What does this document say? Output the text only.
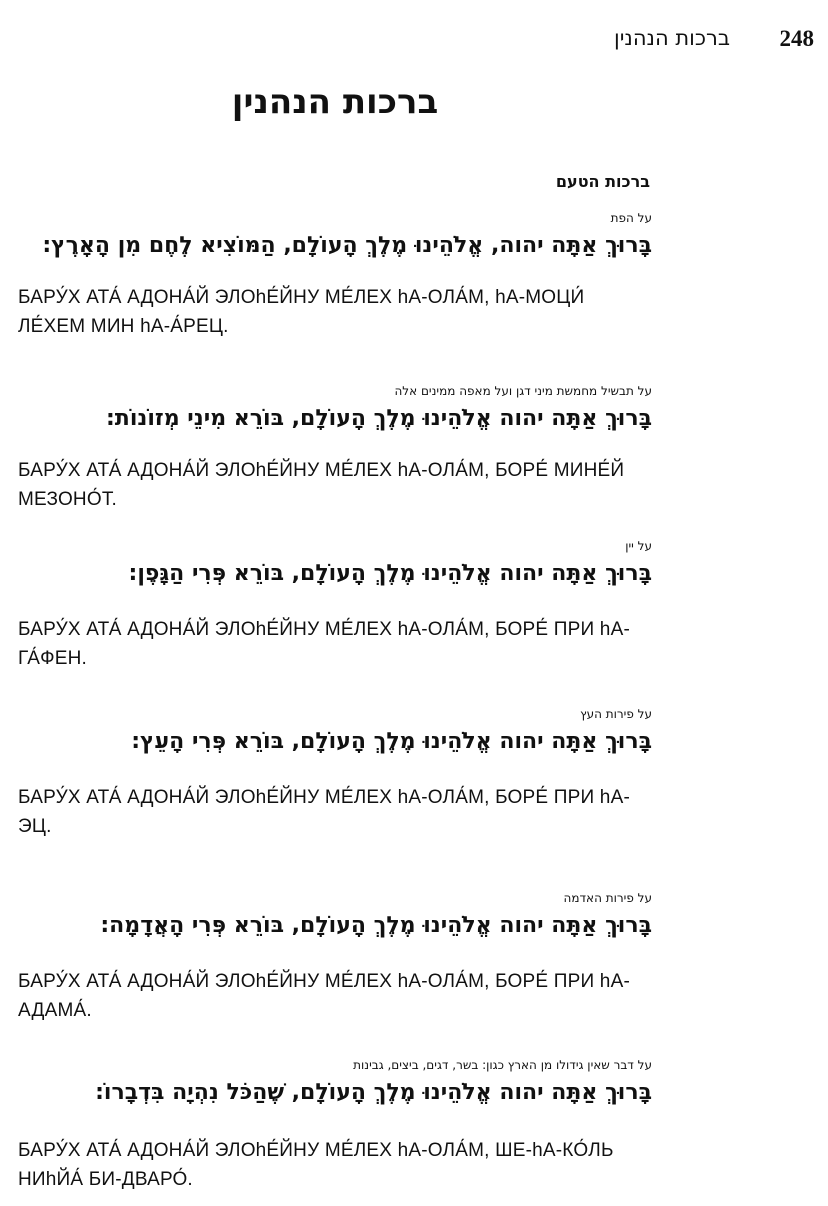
ברכות הנהנין 248
ברכות הנהנין
ברכות הטעם
על הפת
בָּרוּךְ אַתָּה יהוה, אֱלֹהֵינוּ מֶלֶךְ הָעוֹלָם, הַמּוֹצִיא לֶחֶם מִן הָאָרֶץ:
БАРУ́Х АТА́ АДОНА́Й ЭЛОhЕ́ЙНУ МЕ́ЛЕХ hА-ОЛА́М, hА-МОЦИ́ ЛЕ́ХЕМ МИН hА-А́РЕЦ.
על תבשיל מחמשת מיני דגן ועל מאפה ממינים אלה
בָּרוּךְ אַתָּה יהוה אֱלֹהֵינוּ מֶלֶךְ הָעוֹלָם, בּוֹרֵא מִינֵי מְזוֹנוֹת:
БАРУ́Х АТА́ АДОНА́Й ЭЛОhЕ́ЙНУ МЕ́ЛЕХ hА-ОЛА́М, БОРЕ́ МИНЕ́Й МЕЗОНО́Т.
על יין
בָּרוּךְ אַתָּה יהוה אֱלֹהֵינוּ מֶלֶךְ הָעוֹלָם, בּוֹרֵא פְּרִי הַגָּפֶן:
БАРУ́Х АТА́ АДОНА́Й ЭЛОhЕ́ЙНУ МЕ́ЛЕХ hА-ОЛА́М, БОРЕ́ ПРИ hА-ГА́ФЕН.
על פירות העץ
בָּרוּךְ אַתָּה יהוה אֱלֹהֵינוּ מֶלֶךְ הָעוֹלָם, בּוֹרֵא פְּרִי הָעֵץ:
БАРУ́Х АТА́ АДОНА́Й ЭЛОhЕ́ЙНУ МЕ́ЛЕХ hА-ОЛА́М, БОРЕ́ ПРИ hА-ЭЦ.
על פירות האדמה
בָּרוּךְ אַתָּה יהוה אֱלֹהֵינוּ מֶלֶךְ הָעוֹלָם, בּוֹרֵא פְּרִי הָאֲדָמָה:
БАРУ́Х АТА́ АДОНА́Й ЭЛОhЕ́ЙНУ МЕ́ЛЕХ hА-ОЛА́М, БОРЕ́ ПРИ hА-АДАМА́.
על דבר שאין גידולו מן הארץ כגון: בשר, דגים, ביצים, גבינות
בָּרוּךְ אַתָּה יהוה אֱלֹהֵינוּ מֶלֶךְ הָעוֹלָם, שֶׁהַכֹּל נִהְיָה בִּדְבָרוֹ:
БАРУ́Х АТА́ АДОНА́Й ЭЛОhЕ́ЙНУ МЕ́ЛЕХ hА-ОЛА́М, ШЕ-hА-КО́ЛЬ НИhЙА́ БИ-ДВАРО́.
